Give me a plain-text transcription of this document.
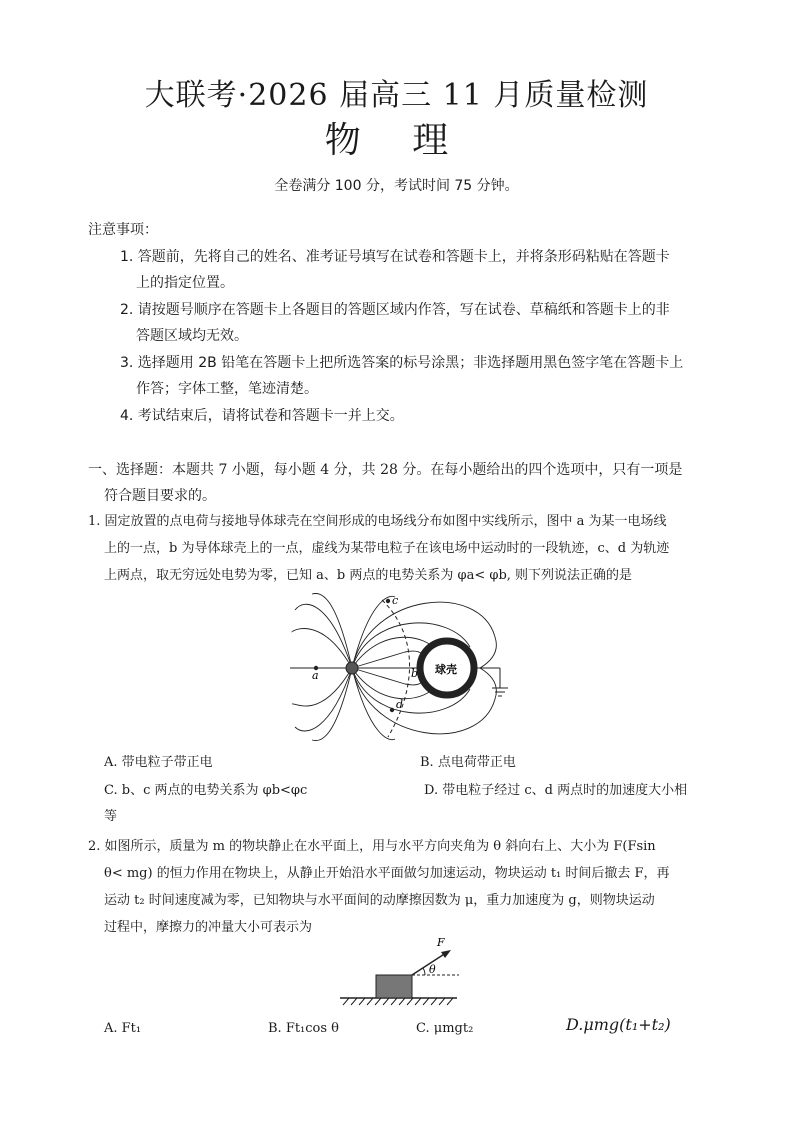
大联考·2026 届高三 11 月质量检测
物 理
全卷满分 100 分，考试时间 75 分钟。
注意事项：
1. 答题前，先将自己的姓名、准考证号填写在试卷和答题卡上，并将条形码粘贴在答题卡
上的指定位置。
2. 请按题号顺序在答题卡上各题目的答题区域内作答，写在试卷、草稿纸和答题卡上的非
答题区域均无效。
3. 选择题用 2B 铅笔在答题卡上把所选答案的标号涂黑；非选择题用黑色签字笔在答题卡上
作答；字体工整，笔迹清楚。
4. 考试结束后，请将试卷和答题卡一并上交。
一、选择题：本题共 7 小题，每小题 4 分，共 28 分。在每小题给出的四个选项中，只有一项是
符合题目要求的。
1. 固定放置的点电荷与接地导体球壳在空间形成的电场线分布如图中实线所示，图中 a 为某一电场线
上的一点，b 为导体球壳上的一点，虚线为某带电粒子在该电场中运动时的一段轨迹，c、d 为轨迹
上两点，取无穷远处电势为零，已知 a、b 两点的电势关系为 φa< φb, 则下列说法正确的是
球壳
c
d
a	b
A. 带电粒子带正电	B. 点电荷带正电
C. b、c 两点的电势关系为 φb<φc	D. 带电粒子经过 c、d 两点时的加速度大小相
等
2. 如图所示，质量为 m 的物块静止在水平面上，用与水平方向夹角为 θ 斜向右上、大小为 F(Fsin
θ< mg) 的恒力作用在物块上，从静止开始沿水平面做匀加速运动，物块运动 t₁ 时间后撤去 F，再
运动 t₂ 时间速度减为零，已知物块与水平面间的动摩擦因数为 μ，重力加速度为 g，则物块运动
过程中，摩擦力的冲量大小可表示为
F
θ
A. Ft₁	B. Ft₁cos θ	C. μmgt₂	D.μmg(t₁+t₂)
